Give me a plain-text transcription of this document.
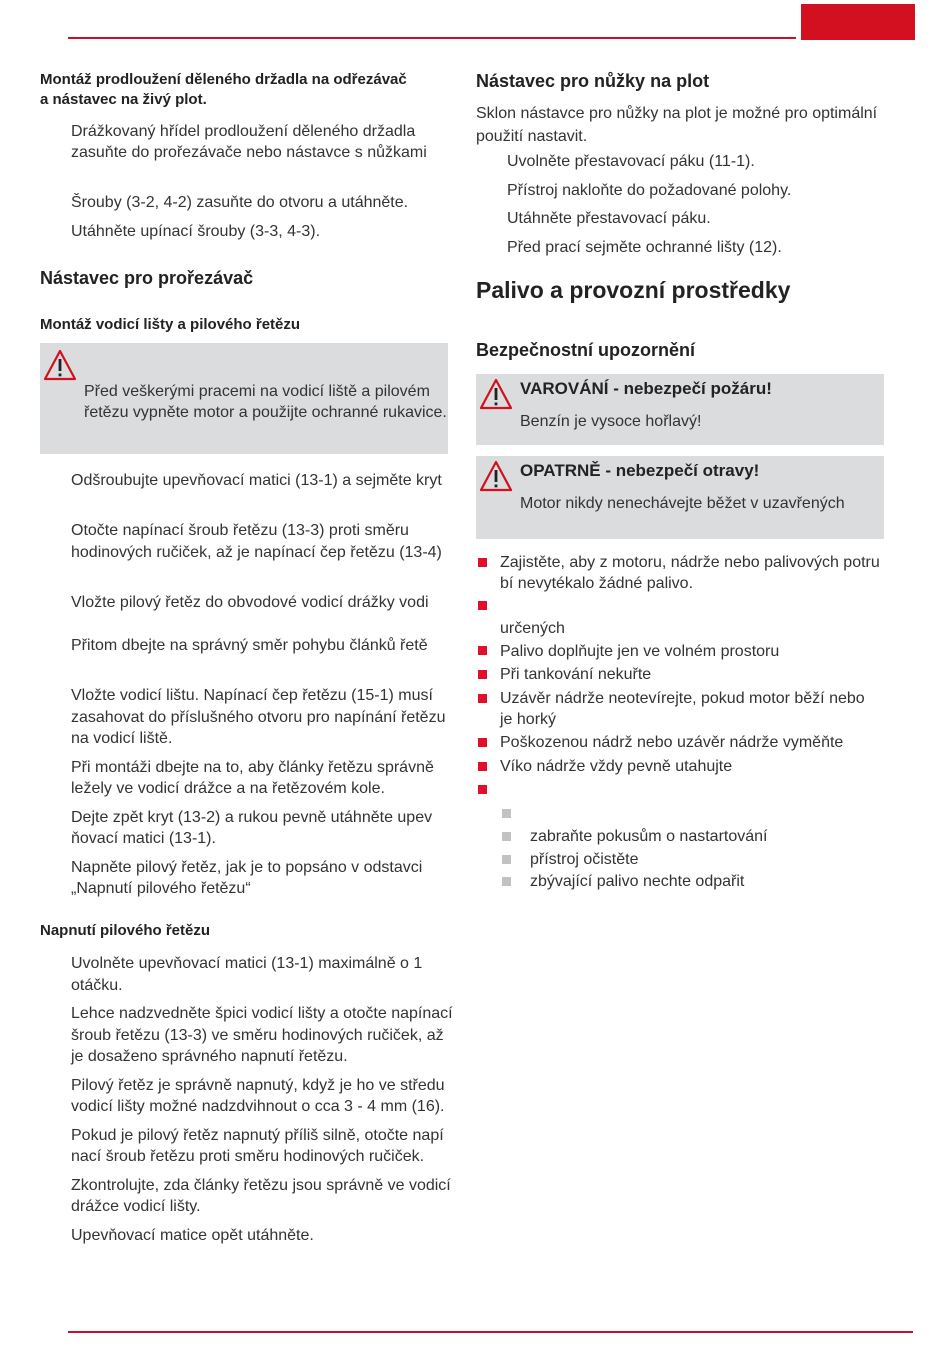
Montáž prodloužení děleného držadla na odřezávač

a nástavec na živý plot.

Drážkovaný hřídel prodloužení děleného držadla

zasuňte do prořezávače nebo nástavce s nůžkami

Šrouby (3-2, 4-2) zasuňte do otvoru a utáhněte.

Utáhněte upínací šrouby (3-3, 4-3).

Nástavec pro prořezávač

Montáž vodicí lišty a pilového řetězu

Před veškerými pracemi na vodicí liště a pilovém
řetězu vypněte motor a použijte ochranné rukavice.

Odšroubujte upevňovací matici (13-1) a sejměte kryt

Otočte napínací šroub řetězu (13-3) proti směru

hodinových ručiček, až je napínací čep řetězu (13-4)

Vložte pilový řetěz do obvodové vodicí drážky vodi

Přitom dbejte na správný směr pohybu článků řetě

Vložte vodicí lištu. Napínací čep řetězu (15-1) musí

zasahovat do příslušného otvoru pro napínání řetězu

na vodicí liště.

Při montáži dbejte na to, aby články řetězu správně

ležely ve vodicí drážce a na řetězovém kole.

Dejte zpět kryt (13-2) a rukou pevně utáhněte upev

ňovací matici (13-1).

Napněte pilový řetěz, jak je to popsáno v odstavci

„Napnutí pilového řetězu“

Napnutí pilového řetězu

Uvolněte upevňovací matici (13-1) maximálně o 1

otáčku.

Lehce nadzvedněte špici vodicí lišty a otočte napínací

šroub řetězu (13-3) ve směru hodinových ručiček, až

je dosaženo správného napnutí řetězu.

Pilový řetěz je správně napnutý, když je ho ve středu

vodicí lišty možné nadzdvihnout o cca 3 - 4 mm (16).

Pokud je pilový řetěz napnutý příliš silně, otočte napí

nací šroub řetězu proti směru hodinových ručiček.

Zkontrolujte, zda články řetězu jsou správně ve vodicí

drážce vodicí lišty.

Upevňovací matice opět utáhněte.

Nástavec pro nůžky na plot

Sklon nástavce pro nůžky na plot je možné pro optimální

použití nastavit.

Uvolněte přestavovací páku (11-1).

Přístroj nakloňte do požadované polohy.

Utáhněte přestavovací páku.

Před prací sejměte ochranné lišty (12).

Palivo a provozní prostředky

Bezpečnostní upozornění

VAROVÁNÍ - nebezpečí požáru!
Benzín je vysoce hořlavý!
OPATRNĚ - nebezpečí otravy!
Motor nikdy nenechávejte běžet v uzavřených

Zajistěte, aby z motoru, nádrže nebo palivových potru

bí nevytékalo žádné palivo.

určených

Palivo doplňujte jen ve volném prostoru

Při tankování nekuřte

Uzávěr nádrže neotevírejte, pokud motor běží nebo

je horký

Poškozenou nádrž nebo uzávěr nádrže vyměňte

Víko nádrže vždy pevně utahujte

zabraňte pokusům o nastartování

přístroj očistěte

zbývající palivo nechte odpařit
